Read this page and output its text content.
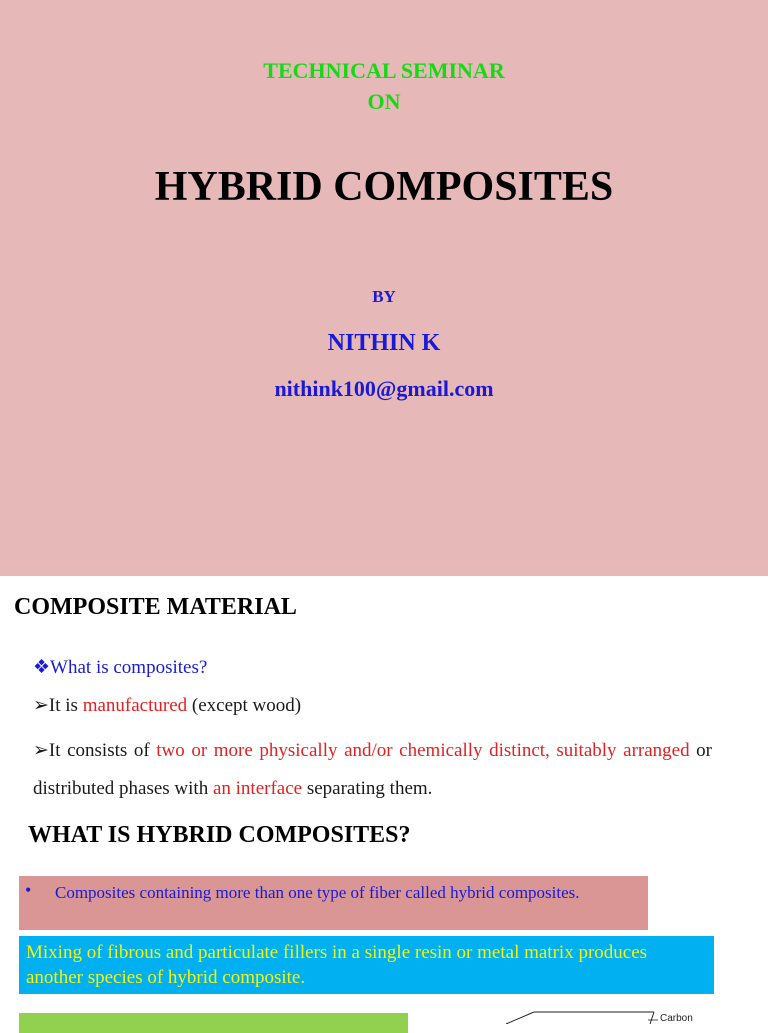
TECHNICAL SEMINAR
ON
HYBRID COMPOSITES
BY
NITHIN K
nithink100@gmail.com
COMPOSITE MATERIAL
❖What is composites?
➢It is manufactured (except wood)
➢It consists of two or more physically and/or chemically distinct, suitably arranged or distributed phases with an interface separating them.
WHAT IS HYBRID COMPOSITES?
• Composites containing more than one type of fiber called hybrid composites.
Mixing of fibrous and particulate fillers in a single resin or metal matrix produces another species of hybrid composite.
Carbon
